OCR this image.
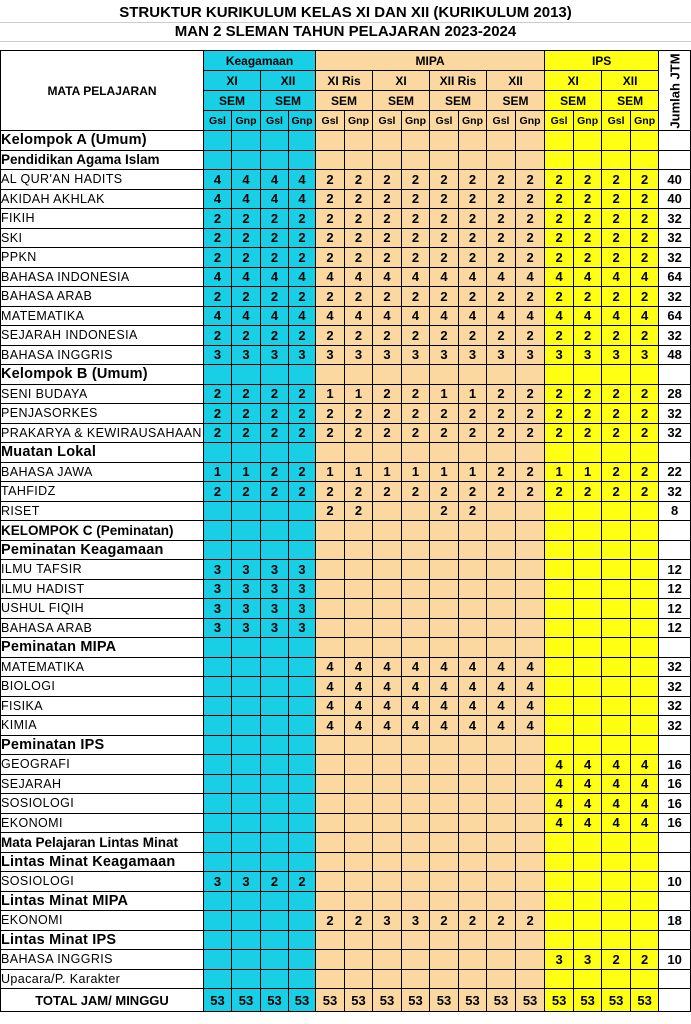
STRUKTUR KURIKULUM KELAS XI DAN XII (KURIKULUM 2013)
MAN 2 SLEMAN TAHUN PELAJARAN 2023-2024
MATA PELAJARAN	Keagamaan				MIPA								IPS				Jumlah JTM

	XI		XII		XI Ris		XI		XII Ris		XII		XI		XII		
	SEM		SEM		SEM		SEM		SEM		SEM		SEM		SEM		
	Gsl	Gnp	Gsl	Gnp	Gsl	Gnp	Gsl	Gnp	Gsl	Gnp	Gsl	Gnp	Gsl	Gnp	Gsl	Gnp	
Kelompok A (Umum)																	
Pendidikan Agama Islam																	
AL QUR'AN HADITS	4	4	4	4	2	2	2	2	2	2	2	2	2	2	2	2	40
AKIDAH AKHLAK	4	4	4	4	2	2	2	2	2	2	2	2	2	2	2	2	40
FIKIH	2	2	2	2	2	2	2	2	2	2	2	2	2	2	2	2	32
SKI	2	2	2	2	2	2	2	2	2	2	2	2	2	2	2	2	32
PPKN	2	2	2	2	2	2	2	2	2	2	2	2	2	2	2	2	32
BAHASA INDONESIA	4	4	4	4	4	4	4	4	4	4	4	4	4	4	4	4	64
BAHASA ARAB	2	2	2	2	2	2	2	2	2	2	2	2	2	2	2	2	32
MATEMATIKA	4	4	4	4	4	4	4	4	4	4	4	4	4	4	4	4	64
SEJARAH INDONESIA	2	2	2	2	2	2	2	2	2	2	2	2	2	2	2	2	32
BAHASA INGGRIS	3	3	3	3	3	3	3	3	3	3	3	3	3	3	3	3	48
Kelompok B (Umum)																	
SENI BUDAYA	2	2	2	2	1	1	2	2	1	1	2	2	2	2	2	2	28
PENJASORKES	2	2	2	2	2	2	2	2	2	2	2	2	2	2	2	2	32
PRAKARYA & KEWIRAUSAHAAN	2	2	2	2	2	2	2	2	2	2	2	2	2	2	2	2	32
Muatan Lokal																	
BAHASA JAWA	1	1	2	2	1	1	1	1	1	1	2	2	1	1	2	2	22
TAHFIDZ	2	2	2	2	2	2	2	2	2	2	2	2	2	2	2	2	32
RISET					2	2			2	2							8
KELOMPOK C (Peminatan)																	
Peminatan Keagamaan																	
ILMU TAFSIR	3	3	3	3													12
ILMU HADIST	3	3	3	3													12
USHUL FIQIH	3	3	3	3													12
BAHASA ARAB	3	3	3	3													12
Peminatan MIPA																	
MATEMATIKA					4	4	4	4	4	4	4	4					32
BIOLOGI					4	4	4	4	4	4	4	4					32
FISIKA					4	4	4	4	4	4	4	4					32
KIMIA					4	4	4	4	4	4	4	4					32
Peminatan IPS																	
GEOGRAFI													4	4	4	4	16
SEJARAH													4	4	4	4	16
SOSIOLOGI													4	4	4	4	16
EKONOMI													4	4	4	4	16
Mata Pelajaran Lintas Minat																	
Lintas Minat Keagamaan																	
SOSIOLOGI	3	3	2	2													10
Lintas Minat MIPA																	
EKONOMI					2	2	3	3	2	2	2	2					18
Lintas Minat IPS																	
BAHASA INGGRIS													3	3	2	2	10
Upacara/P. Karakter																	
TOTAL JAM/ MINGGU	53	53	53	53	53	53	53	53	53	53	53	53	53	53	53	53	
